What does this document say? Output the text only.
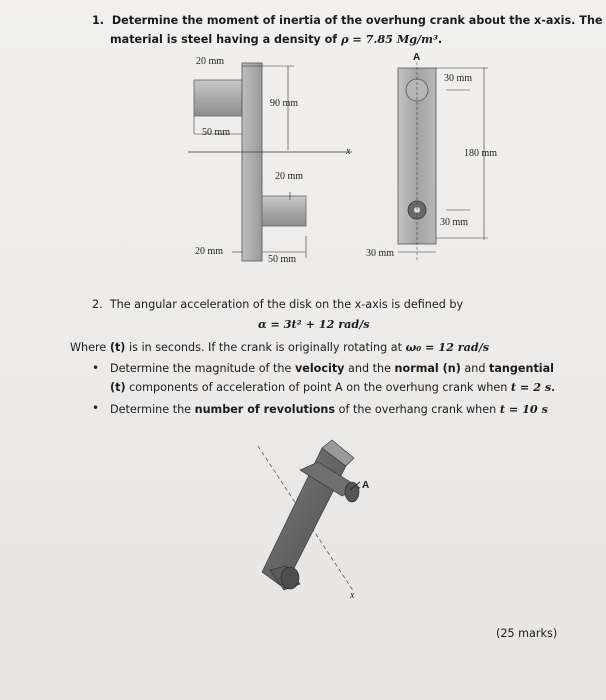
1. Determine the moment of inertia of the overhung crank about the x-axis. The
material is steel having a density of ρ = 7.85 Mg/m³.
20 mm
90 mm
50 mm
x
20 mm
20 mm
50 mm
A
30 mm
180 mm
30 mm
30 mm
2. The angular acceleration of the disk on the x-axis is defined by
α = 3t² + 12 rad/s
Where (t) is in seconds. If the crank is originally rotating at ω₀ = 12 rad/s
• Determine the magnitude of the velocity and the normal (n) and tangential
(t) components of acceleration of point A on the overhung crank when t = 2 s.
• Determine the number of revolutions of the overhang crank when t = 10 s
A
x
(25 marks)
